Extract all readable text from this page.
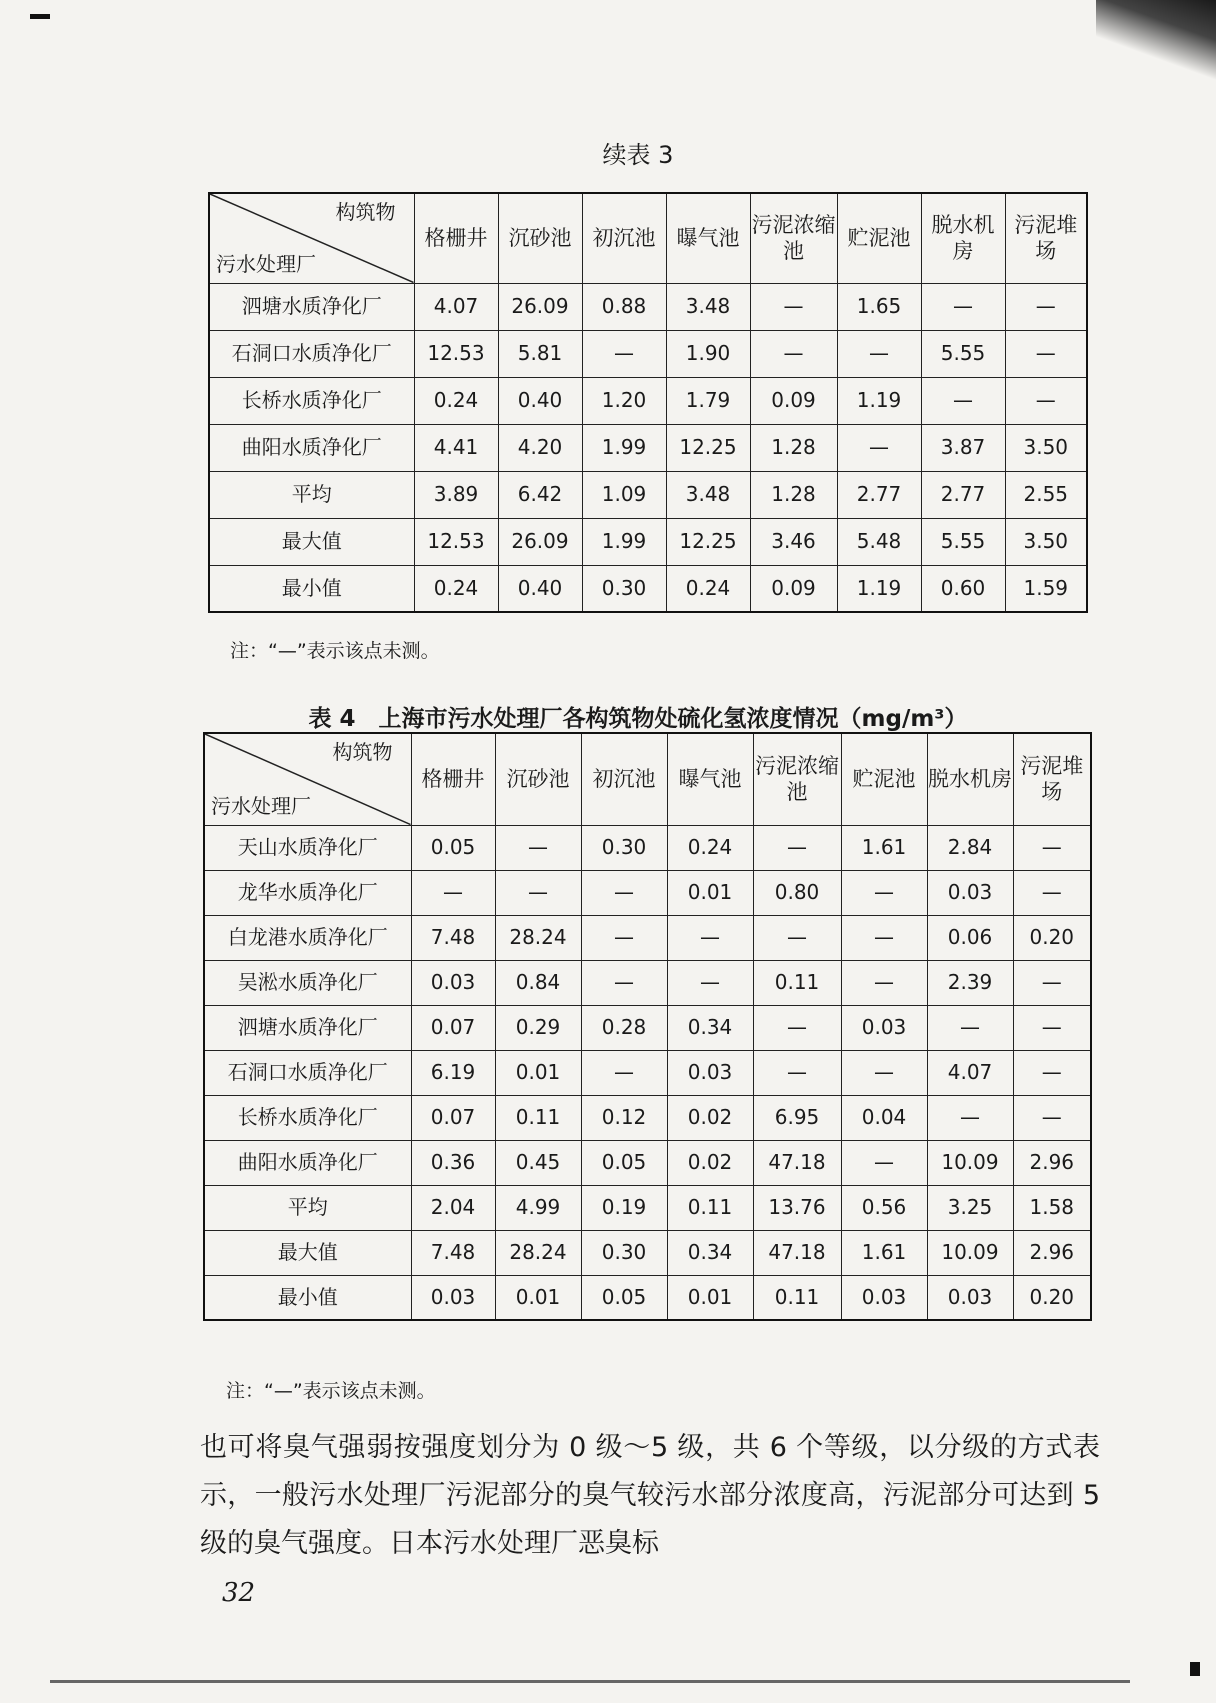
续表 3
构筑物
污水处理厂	格栅井	沉砂池	初沉池	曝气池	污泥浓缩池	贮泥池	脱水机房	污泥堆场
泗塘水质净化厂	4.07	26.09	0.88	3.48	—	1.65	—	—
石洞口水质净化厂	12.53	5.81	—	1.90	—	—	5.55	—
长桥水质净化厂	0.24	0.40	1.20	1.79	0.09	1.19	—	—
曲阳水质净化厂	4.41	4.20	1.99	12.25	1.28	—	3.87	3.50
平均	3.89	6.42	1.09	3.48	1.28	2.77	2.77	2.55
最大值	12.53	26.09	1.99	12.25	3.46	5.48	5.55	3.50
最小值	0.24	0.40	0.30	0.24	0.09	1.19	0.60	1.59
注：“—”表示该点未测。
表 4　上海市污水处理厂各构筑物处硫化氢浓度情况（mg/m³）
构筑物
污水处理厂	格栅井	沉砂池	初沉池	曝气池	污泥浓缩池	贮泥池	脱水机房	污泥堆场
天山水质净化厂	0.05	—	0.30	0.24	—	1.61	2.84	—
龙华水质净化厂	—	—	—	0.01	0.80	—	0.03	—
白龙港水质净化厂	7.48	28.24	—	—	—	—	0.06	0.20
吴淞水质净化厂	0.03	0.84	—	—	0.11	—	2.39	—
泗塘水质净化厂	0.07	0.29	0.28	0.34	—	0.03	—	—
石洞口水质净化厂	6.19	0.01	—	0.03	—	—	4.07	—
长桥水质净化厂	0.07	0.11	0.12	0.02	6.95	0.04	—	—
曲阳水质净化厂	0.36	0.45	0.05	0.02	47.18	—	10.09	2.96
平均	2.04	4.99	0.19	0.11	13.76	0.56	3.25	1.58
最大值	7.48	28.24	0.30	0.34	47.18	1.61	10.09	2.96
最小值	0.03	0.01	0.05	0.01	0.11	0.03	0.03	0.20
注：“—”表示该点未测。
也可将臭气强弱按强度划分为 0 级～5 级，共 6 个等级，以分级的方式表示，一般污水处理厂污泥部分的臭气较污水部分浓度高，污泥部分可达到 5 级的臭气强度。日本污水处理厂恶臭标
32
